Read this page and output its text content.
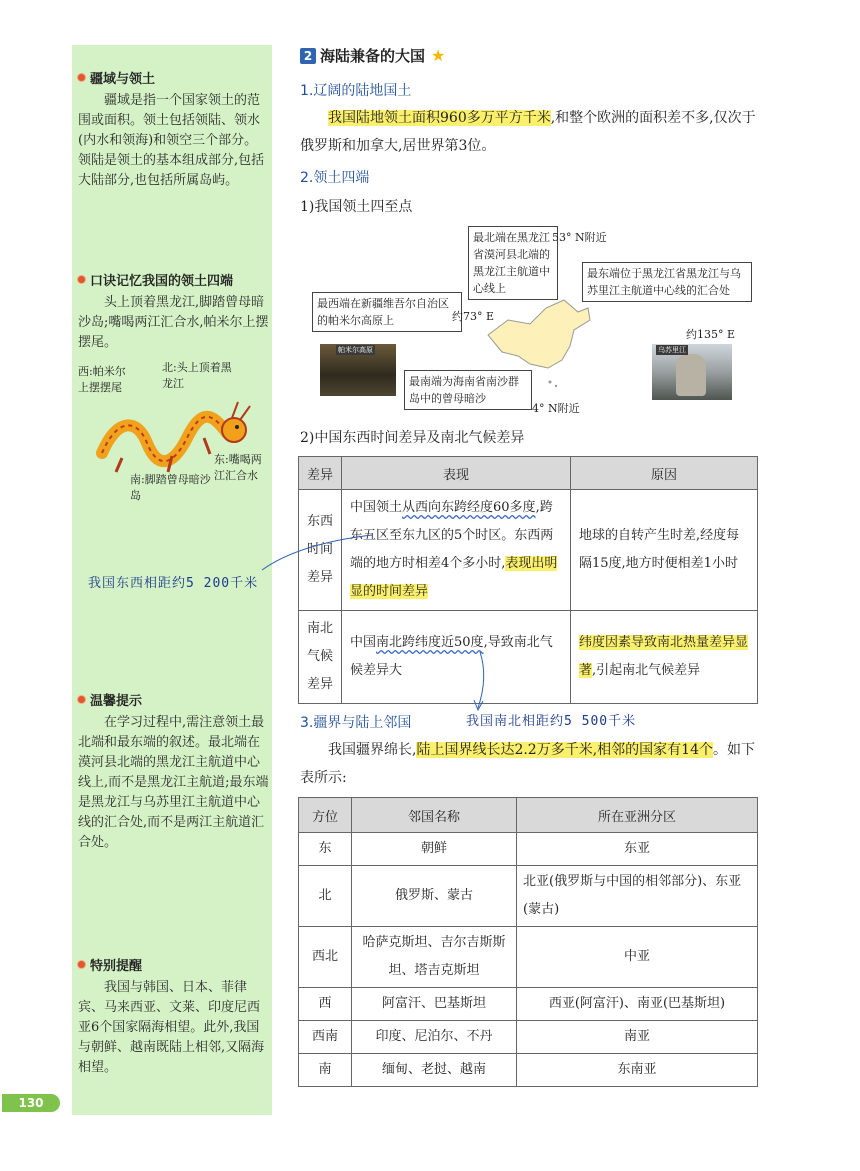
疆域与领土
疆域是指一个国家领土的范围或面积。领土包括领陆、领水(内水和领海)和领空三个部分。领陆是领土的基本组成部分,包括大陆部分,也包括所属岛屿。
口诀记忆我国的领土四端
头上顶着黑龙江,脚踏曾母暗沙岛;嘴喝两江汇合水,帕米尔上摆摆尾。
西:帕米尔上摆摆尾
北:头上顶着黑龙江
东:嘴喝两江汇合水
南:脚踏曾母暗沙岛
我国东西相距约5 200千米
温馨提示
在学习过程中,需注意领土最北端和最东端的叙述。最北端在漠河县北端的黑龙江主航道中心线上,而不是黑龙江主航道;最东端是黑龙江与乌苏里江主航道中心线的汇合处,而不是两江主航道汇合处。
特别提醒
我国与韩国、日本、菲律宾、马来西亚、文莱、印度尼西亚6个国家隔海相望。此外,我国与朝鲜、越南既陆上相邻,又隔海相望。
130
2 海陆兼备的大国 ★
1.辽阔的陆地国土
我国陆地领土面积960多万平方千米,和整个欧洲的面积差不多,仅次于俄罗斯和加拿大,居世界第3位。
2.领土四端
1)我国领土四至点
最北端在黑龙江省漠河县北端的黑龙江主航道中心线上
53° N附近
最东端位于黑龙江省黑龙江与乌苏里江主航道中心线的汇合处
约135° E
最西端在新疆维吾尔自治区的帕米尔高原上	约73° E
最南端为海南省南沙群岛中的曾母暗沙
4° N附近
帕米尔高原	乌苏里江
2)中国东西时间差异及南北气候差异
差异	表现	原因
东西时间差异	中国领土从西向东跨经度60多度,跨东五区至东九区的5个时区。东西两端的地方时相差4个多小时,表现出明显的时间差异	地球的自转产生时差,经度每隔15度,地方时便相差1小时
南北气候差异	中国南北跨纬度近50度,导致南北气候差异大	纬度因素导致南北热量差异显著,引起南北气候差异
3.疆界与陆上邻国	我国南北相距约5 500千米
我国疆界绵长,陆上国界线长达2.2万多千米,相邻的国家有14个。如下表所示:
方位	邻国名称	所在亚洲分区
东	朝鲜	东亚
北	俄罗斯、蒙古	北亚(俄罗斯与中国的相邻部分)、东亚(蒙古)
西北	哈萨克斯坦、吉尔吉斯斯坦、塔吉克斯坦	中亚
西	阿富汗、巴基斯坦	西亚(阿富汗)、南亚(巴基斯坦)
西南	印度、尼泊尔、不丹	南亚
南	缅甸、老挝、越南	东南亚
